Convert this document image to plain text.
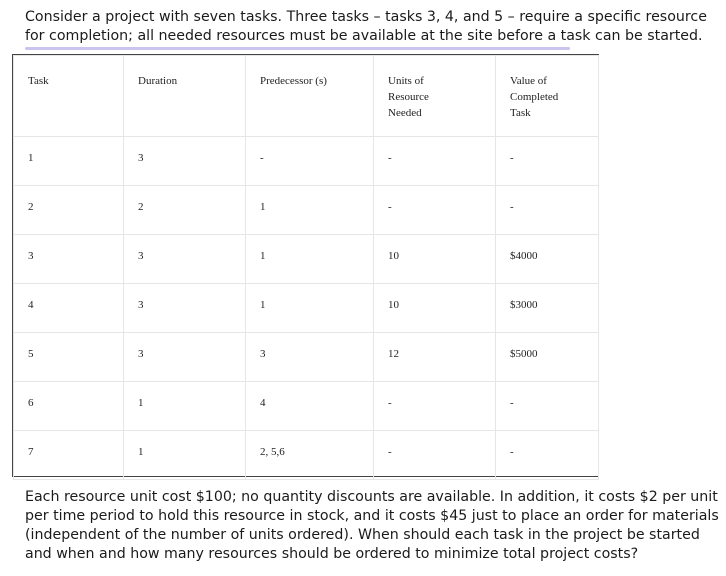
Consider a project with seven tasks. Three tasks – tasks 3, 4, and 5 – require a specific resource for completion; all needed resources must be available at the site before a task can be started.

Task	Duration	Predecessor (s)	Units of Resource Needed	Value of Completed Task
1	3	-	-	-
2	2	1	-	-
3	3	1	10	$4000
4	3	1	10	$3000
5	3	3	12	$5000
6	1	4	-	-
7	1	2, 5,6	-	-

Each resource unit cost $100; no quantity discounts are available. In addition, it costs $2 per unit per time period to hold this resource in stock, and it costs $45 just to place an order for materials (independent of the number of units ordered). When should each task in the project be started and when and how many resources should be ordered to minimize total project costs?
